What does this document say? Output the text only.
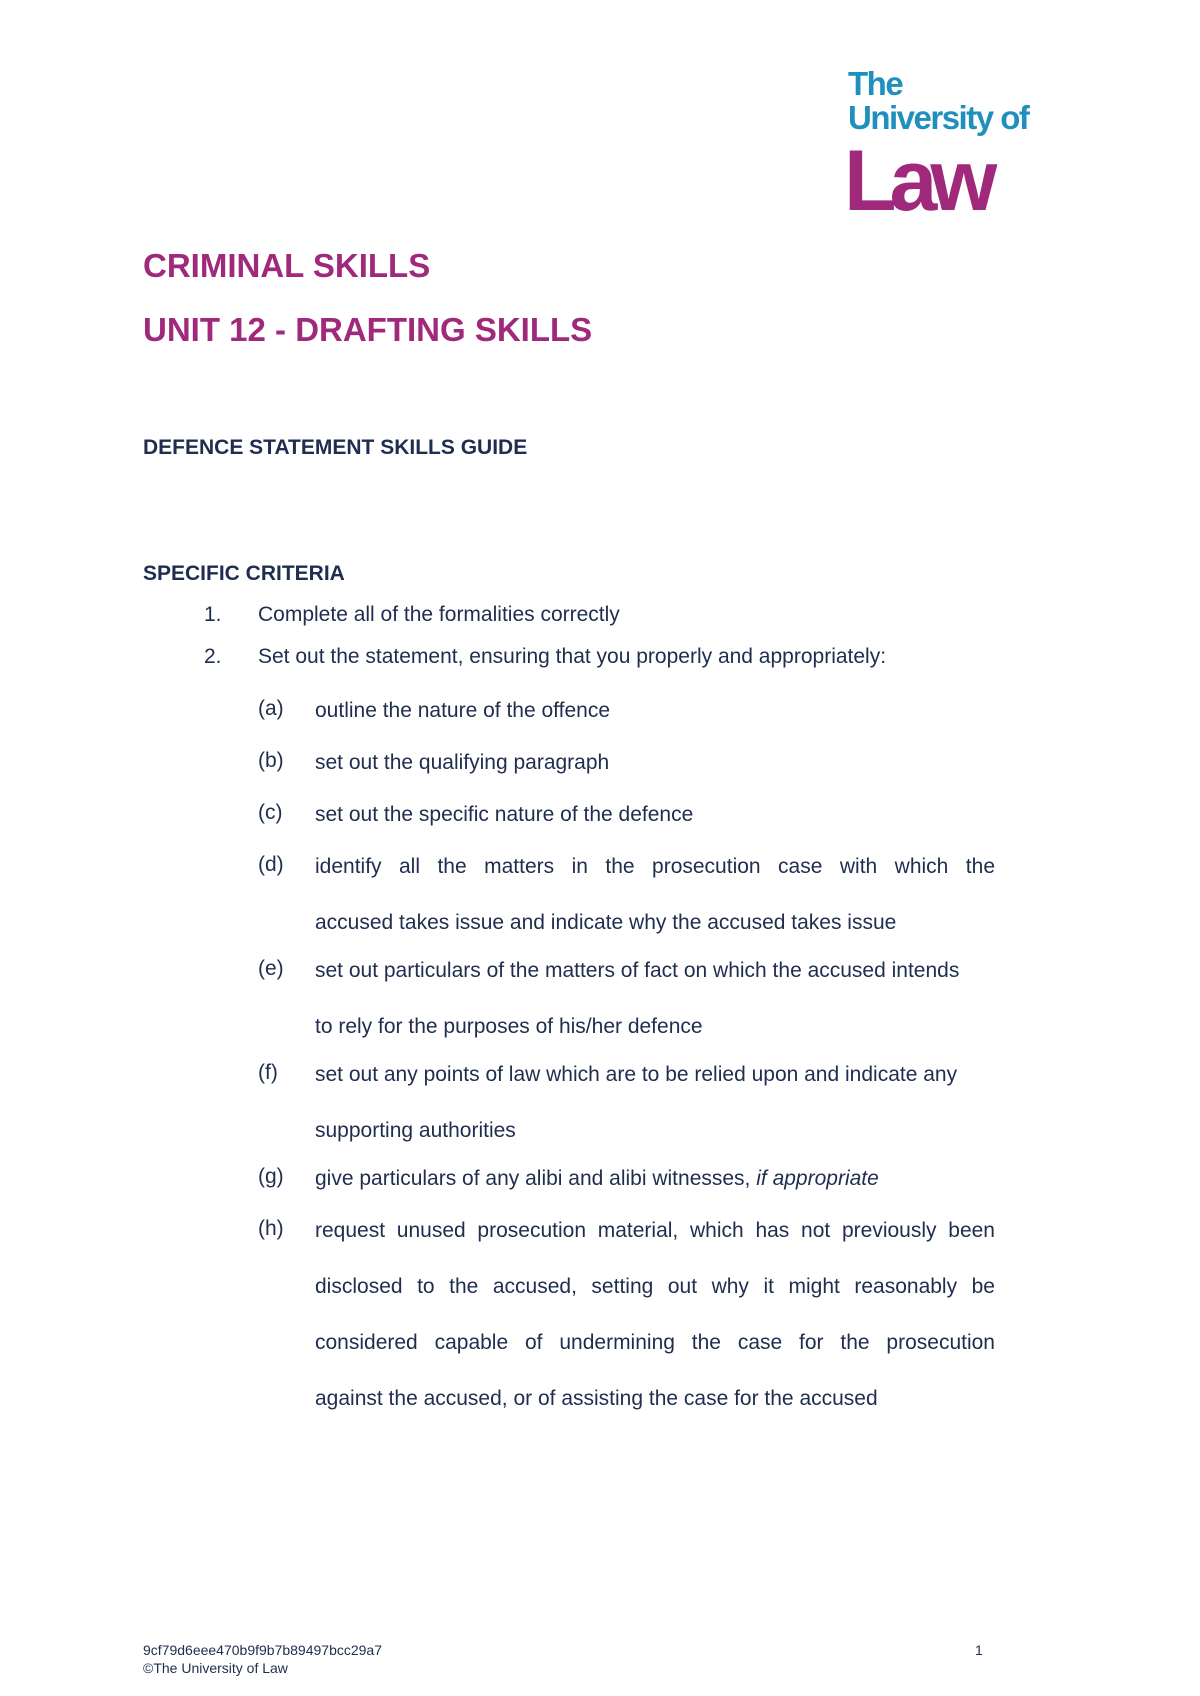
The
University of
Law
CRIMINAL SKILLS
UNIT 12 - DRAFTING SKILLS
DEFENCE STATEMENT SKILLS GUIDE
SPECIFIC CRITERIA
1. Complete all of the formalities correctly
2. Set out the statement, ensuring that you properly and appropriately:
(a)	outline the nature of the offence
(b)	set out the qualifying paragraph
(c)	set out the specific nature of the defence
(d)	identify all the matters in the prosecution case with which the
accused takes issue and indicate why the accused takes issue
(e)	set out particulars of the matters of fact on which the accused intends
to rely for the purposes of his/her defence
(f)	set out any points of law which are to be relied upon and indicate any
supporting authorities
(g)	give particulars of any alibi and alibi witnesses, if appropriate
(h)	request unused prosecution material, which has not previously been
disclosed to the accused, setting out why it might reasonably be
considered capable of undermining the case for the prosecution
against the accused, or of assisting the case for the accused
9cf79d6eee470b9f9b7b89497bcc29a7
©The University of Law
1
